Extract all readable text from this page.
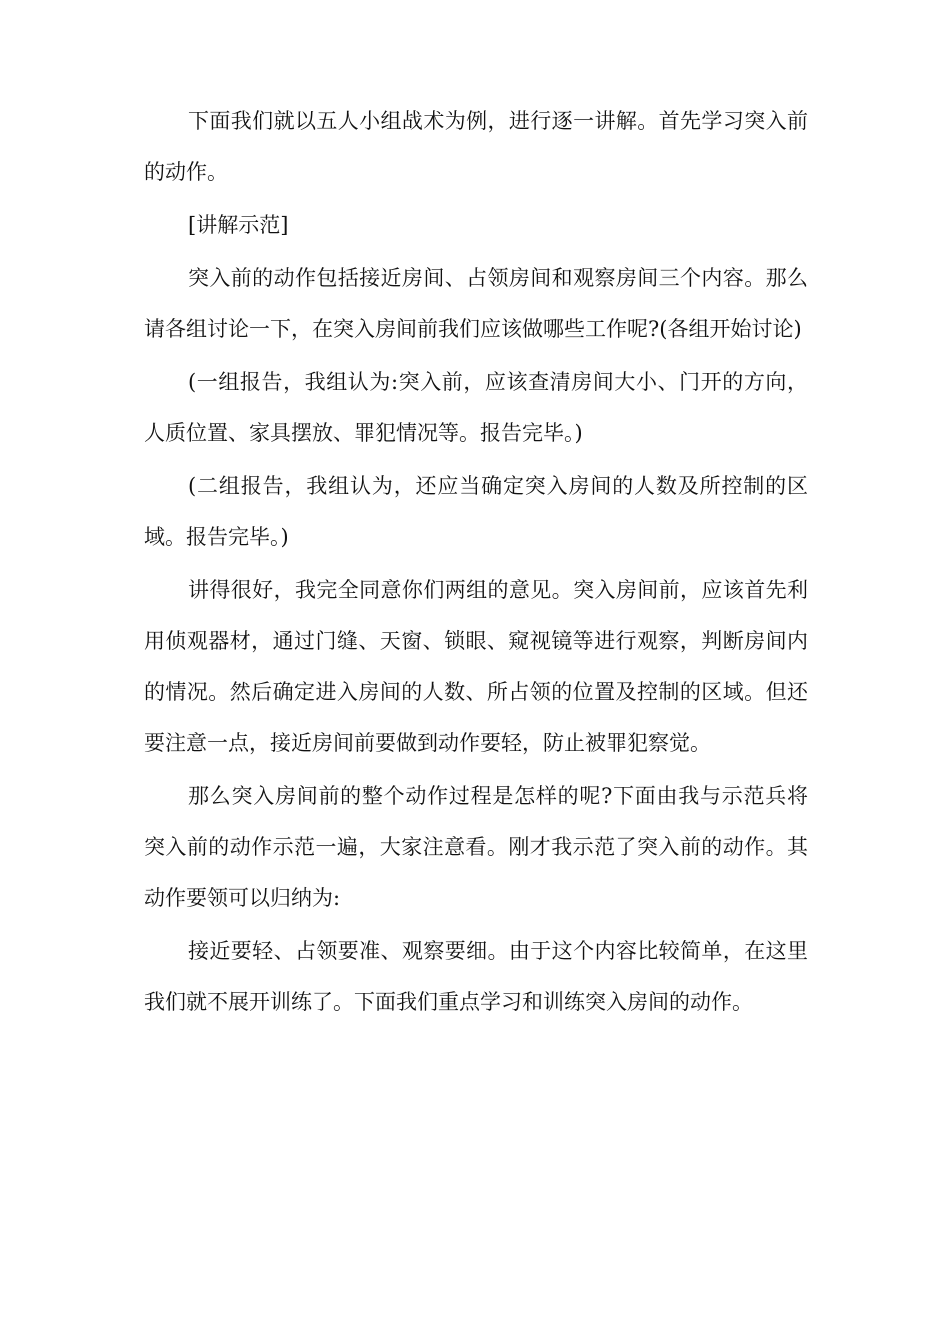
下面我们就以五人小组战术为例，进行逐一讲解。首先学习突入前的动作。

[讲解示范]

突入前的动作包括接近房间、占领房间和观察房间三个内容。那么请各组讨论一下，在突入房间前我们应该做哪些工作呢?(各组开始讨论)

(一组报告，我组认为:突入前，应该查清房间大小、门开的方向，人质位置、家具摆放、罪犯情况等。报告完毕。)

(二组报告，我组认为，还应当确定突入房间的人数及所控制的区域。报告完毕。)

讲得很好，我完全同意你们两组的意见。突入房间前，应该首先利用侦观器材，通过门缝、天窗、锁眼、窥视镜等进行观察，判断房间内的情况。然后确定进入房间的人数、所占领的位置及控制的区域。但还要注意一点，接近房间前要做到动作要轻，防止被罪犯察觉。

那么突入房间前的整个动作过程是怎样的呢?下面由我与示范兵将突入前的动作示范一遍，大家注意看。刚才我示范了突入前的动作。其动作要领可以归纳为:

接近要轻、占领要准、观察要细。由于这个内容比较简单，在这里我们就不展开训练了。下面我们重点学习和训练突入房间的动作。
